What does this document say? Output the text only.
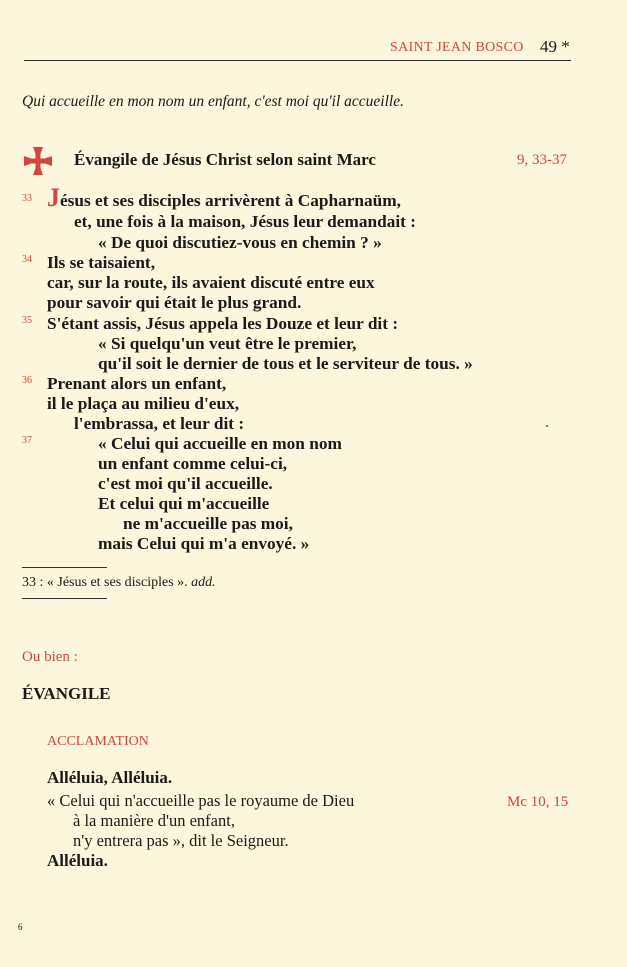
SAINT JEAN BOSCO 49 *
Qui accueille en mon nom un enfant, c'est moi qu'il accueille.
Évangile de Jésus Christ selon saint Marc	9, 33-37
33 Jésus et ses disciples arrivèrent à Capharnaüm,
et, une fois à la maison, Jésus leur demandait :
« De quoi discutiez-vous en chemin ? »
34 Ils se taisaient,
car, sur la route, ils avaient discuté entre eux
pour savoir qui était le plus grand.
35 S'étant assis, Jésus appela les Douze et leur dit :
« Si quelqu'un veut être le premier,
qu'il soit le dernier de tous et le serviteur de tous. »
36 Prenant alors un enfant,
il le plaça au milieu d'eux,
l'embrassa, et leur dit :
37	« Celui qui accueille en mon nom
un enfant comme celui-ci,
c'est moi qu'il accueille.
Et celui qui m'accueille
ne m'accueille pas moi,
mais Celui qui m'a envoyé. »
33 : « Jésus et ses disciples ». add.
Ou bien :
ÉVANGILE
ACCLAMATION
Alléluia, Alléluia.
« Celui qui n'accueille pas le royaume de Dieu
à la manière d'un enfant,
n'y entrera pas », dit le Seigneur.
Alléluia.
Mc 10, 15
6
